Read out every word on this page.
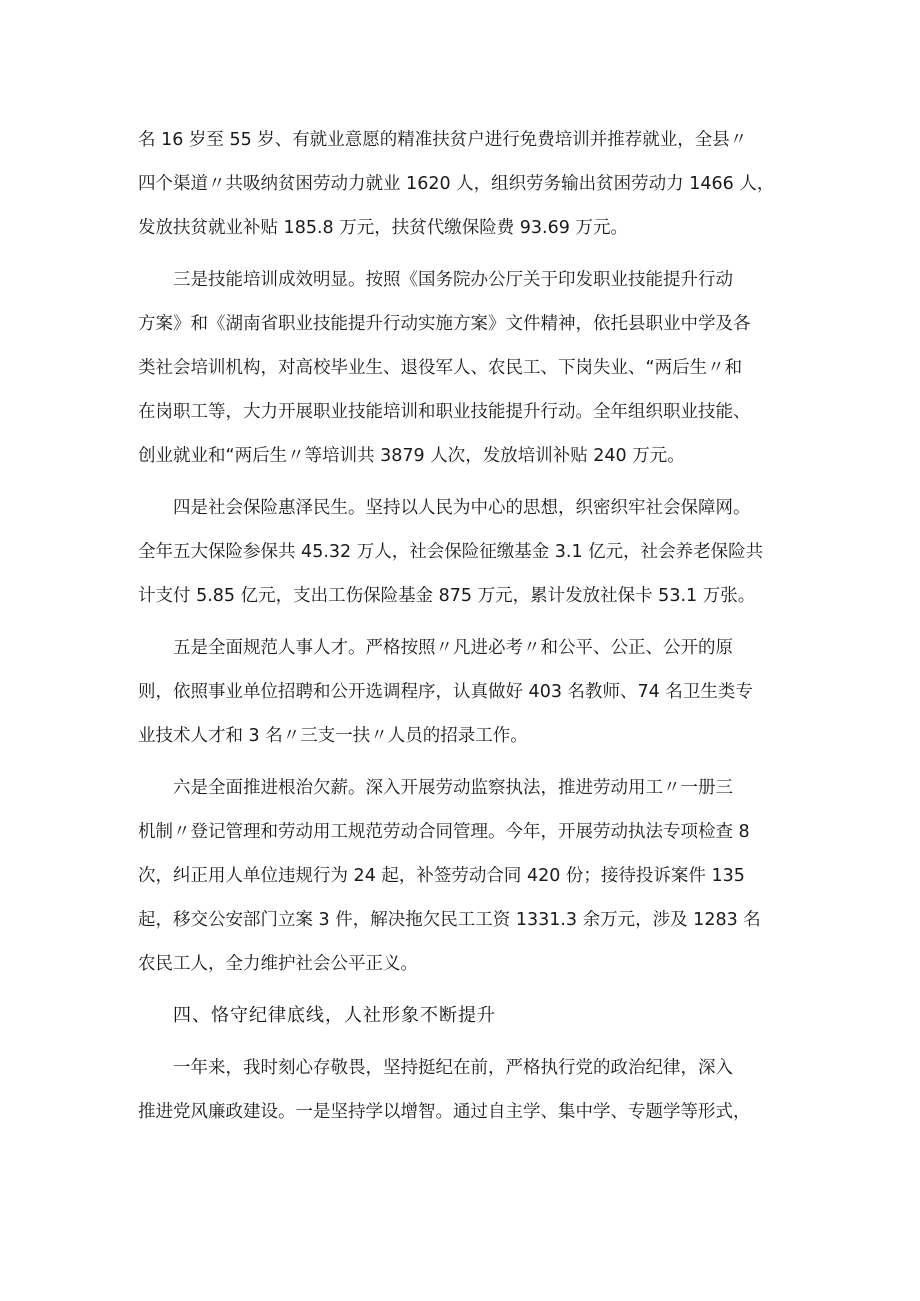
名 16 岁至 55 岁、有就业意愿的精准扶贫户进行免费培训并推荐就业，全县〃
四个渠道〃共吸纳贫困劳动力就业 1620 人，组织劳务输出贫困劳动力 1466 人，
发放扶贫就业补贴 185.8 万元，扶贫代缴保险费 93.69 万元。
三是技能培训成效明显。按照《国务院办公厅关于印发职业技能提升行动
方案》和《湖南省职业技能提升行动实施方案》文件精神，依托县职业中学及各
类社会培训机构，对高校毕业生、退役军人、农民工、下岗失业、“两后生〃和
在岗职工等，大力开展职业技能培训和职业技能提升行动。全年组织职业技能、
创业就业和“两后生〃等培训共 3879 人次，发放培训补贴 240 万元。
四是社会保险惠泽民生。坚持以人民为中心的思想，织密织牢社会保障网。
全年五大保险参保共 45.32 万人，社会保险征缴基金 3.1 亿元，社会养老保险共
计支付 5.85 亿元，支出工伤保险基金 875 万元，累计发放社保卡 53.1 万张。
五是全面规范人事人才。严格按照〃凡进必考〃和公平、公正、公开的原
则，依照事业单位招聘和公开选调程序，认真做好 403 名教师、74 名卫生类专
业技术人才和 3 名〃三支一扶〃人员的招录工作。
六是全面推进根治欠薪。深入开展劳动监察执法，推进劳动用工〃一册三
机制〃登记管理和劳动用工规范劳动合同管理。今年，开展劳动执法专项检查 8
次，纠正用人单位违规行为 24 起，补签劳动合同 420 份；接待投诉案件 135
起，移交公安部门立案 3 件，解决拖欠民工工资 1331.3 余万元，涉及 1283 名
农民工人，全力维护社会公平正义。
四、恪守纪律底线，人社形象不断提升
一年来，我时刻心存敬畏，坚持挺纪在前，严格执行党的政治纪律，深入
推进党风廉政建设。一是坚持学以增智。通过自主学、集中学、专题学等形式，
